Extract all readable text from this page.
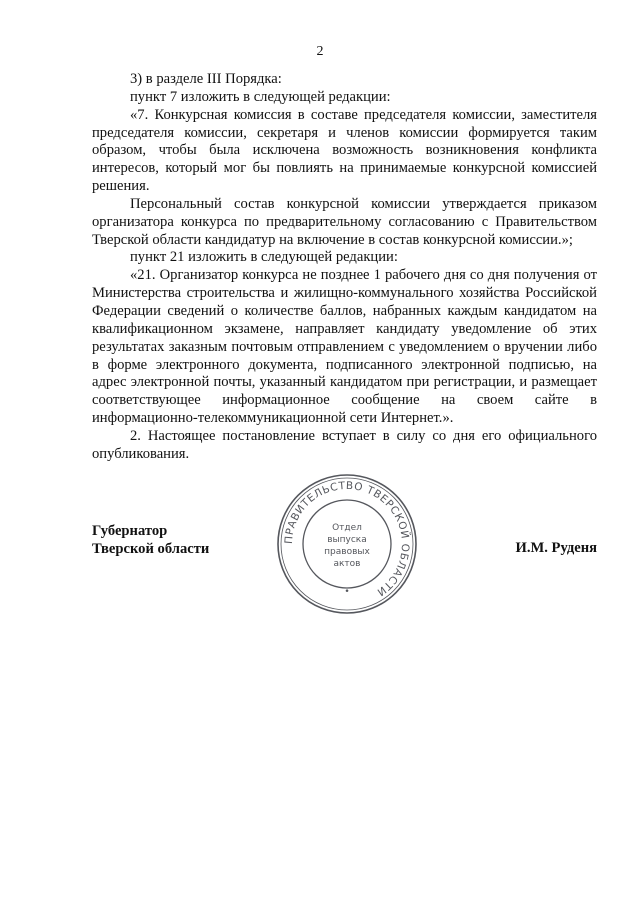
2

3) в разделе III Порядка:

пункт 7 изложить в следующей редакции:

«7. Конкурсная комиссия в составе председателя комиссии, заместителя председателя комиссии, секретаря и членов комиссии формируется таким образом, чтобы была исключена возможность возникновения конфликта интересов, который мог бы повлиять на принимаемые конкурсной комиссией решения.

Персональный состав конкурсной комиссии утверждается приказом организатора конкурса по предварительному согласованию с Правительством Тверской области кандидатур на включение в состав конкурсной комиссии.»;

пункт 21 изложить в следующей редакции:

«21. Организатор конкурса не позднее 1 рабочего дня со дня получения от Министерства строительства и жилищно-коммунального хозяйства Российской Федерации сведений о количестве баллов, набранных каждым кандидатом на квалификационном экзамене, направляет кандидату уведомление об этих результатах заказным почтовым отправлением с уведомлением о вручении либо в форме электронного документа, подписанного электронной подписью, на адрес электронной почты, указанный кандидатом при регистрации, и размещает соответствующее информационное сообщение на своем сайте в информационно-телекоммуникационной сети Интернет.».

2. Настоящее постановление вступает в силу со дня его официального опубликования.

Губернатор
Тверской области	И.М. Руденя
ПРАВИТЕЛЬСТВО ТВЕРСКОЙ ОБЛАСТИ
Отдел
выпуска
правовых
актов
•
